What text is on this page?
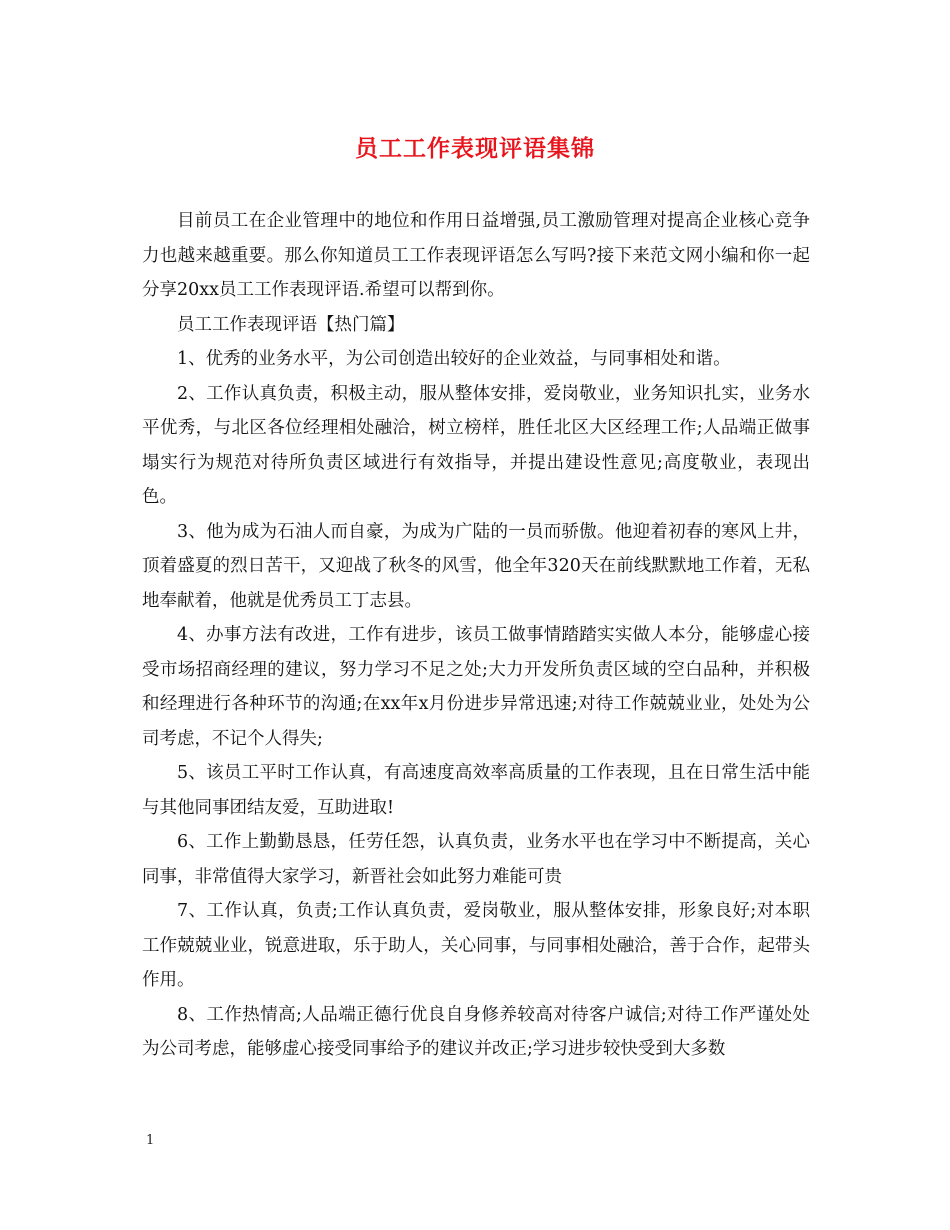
员工工作表现评语集锦

目前员工在企业管理中的地位和作用日益增强,员工激励管理对提高企业核心竞争力也越来越重要。那么你知道员工工作表现评语怎么写吗?接下来范文网小编和你一起分享20xx员工工作表现评语.希望可以帮到你。

员工工作表现评语【热门篇】

1、优秀的业务水平，为公司创造出较好的企业效益，与同事相处和谐。

2、工作认真负责，积极主动，服从整体安排，爱岗敬业，业务知识扎实，业务水平优秀，与北区各位经理相处融洽，树立榜样，胜任北区大区经理工作;人品端正做事塌实行为规范对待所负责区域进行有效指导，并提出建设性意见;高度敬业，表现出色。

3、他为成为石油人而自豪，为成为广陆的一员而骄傲。他迎着初春的寒风上井，顶着盛夏的烈日苦干，又迎战了秋冬的风雪，他全年320天在前线默默地工作着，无私地奉献着，他就是优秀员工丁志县。

4、办事方法有改进，工作有进步，该员工做事情踏踏实实做人本分，能够虚心接受市场招商经理的建议，努力学习不足之处;大力开发所负责区域的空白品种，并积极和经理进行各种环节的沟通;在xx年x月份进步异常迅速;对待工作兢兢业业，处处为公司考虑，不记个人得失;

5、该员工平时工作认真，有高速度高效率高质量的工作表现，且在日常生活中能与其他同事团结友爱，互助进取!

6、工作上勤勤恳恳，任劳任怨，认真负责，业务水平也在学习中不断提高，关心同事，非常值得大家学习，新晋社会如此努力难能可贵

7、工作认真，负责;工作认真负责，爱岗敬业，服从整体安排，形象良好;对本职工作兢兢业业，锐意进取，乐于助人，关心同事，与同事相处融洽，善于合作，起带头作用。

8、工作热情高;人品端正德行优良自身修养较高对待客户诚信;对待工作严谨处处为公司考虑，能够虚心接受同事给予的建议并改正;学习进步较快受到大多数

1
